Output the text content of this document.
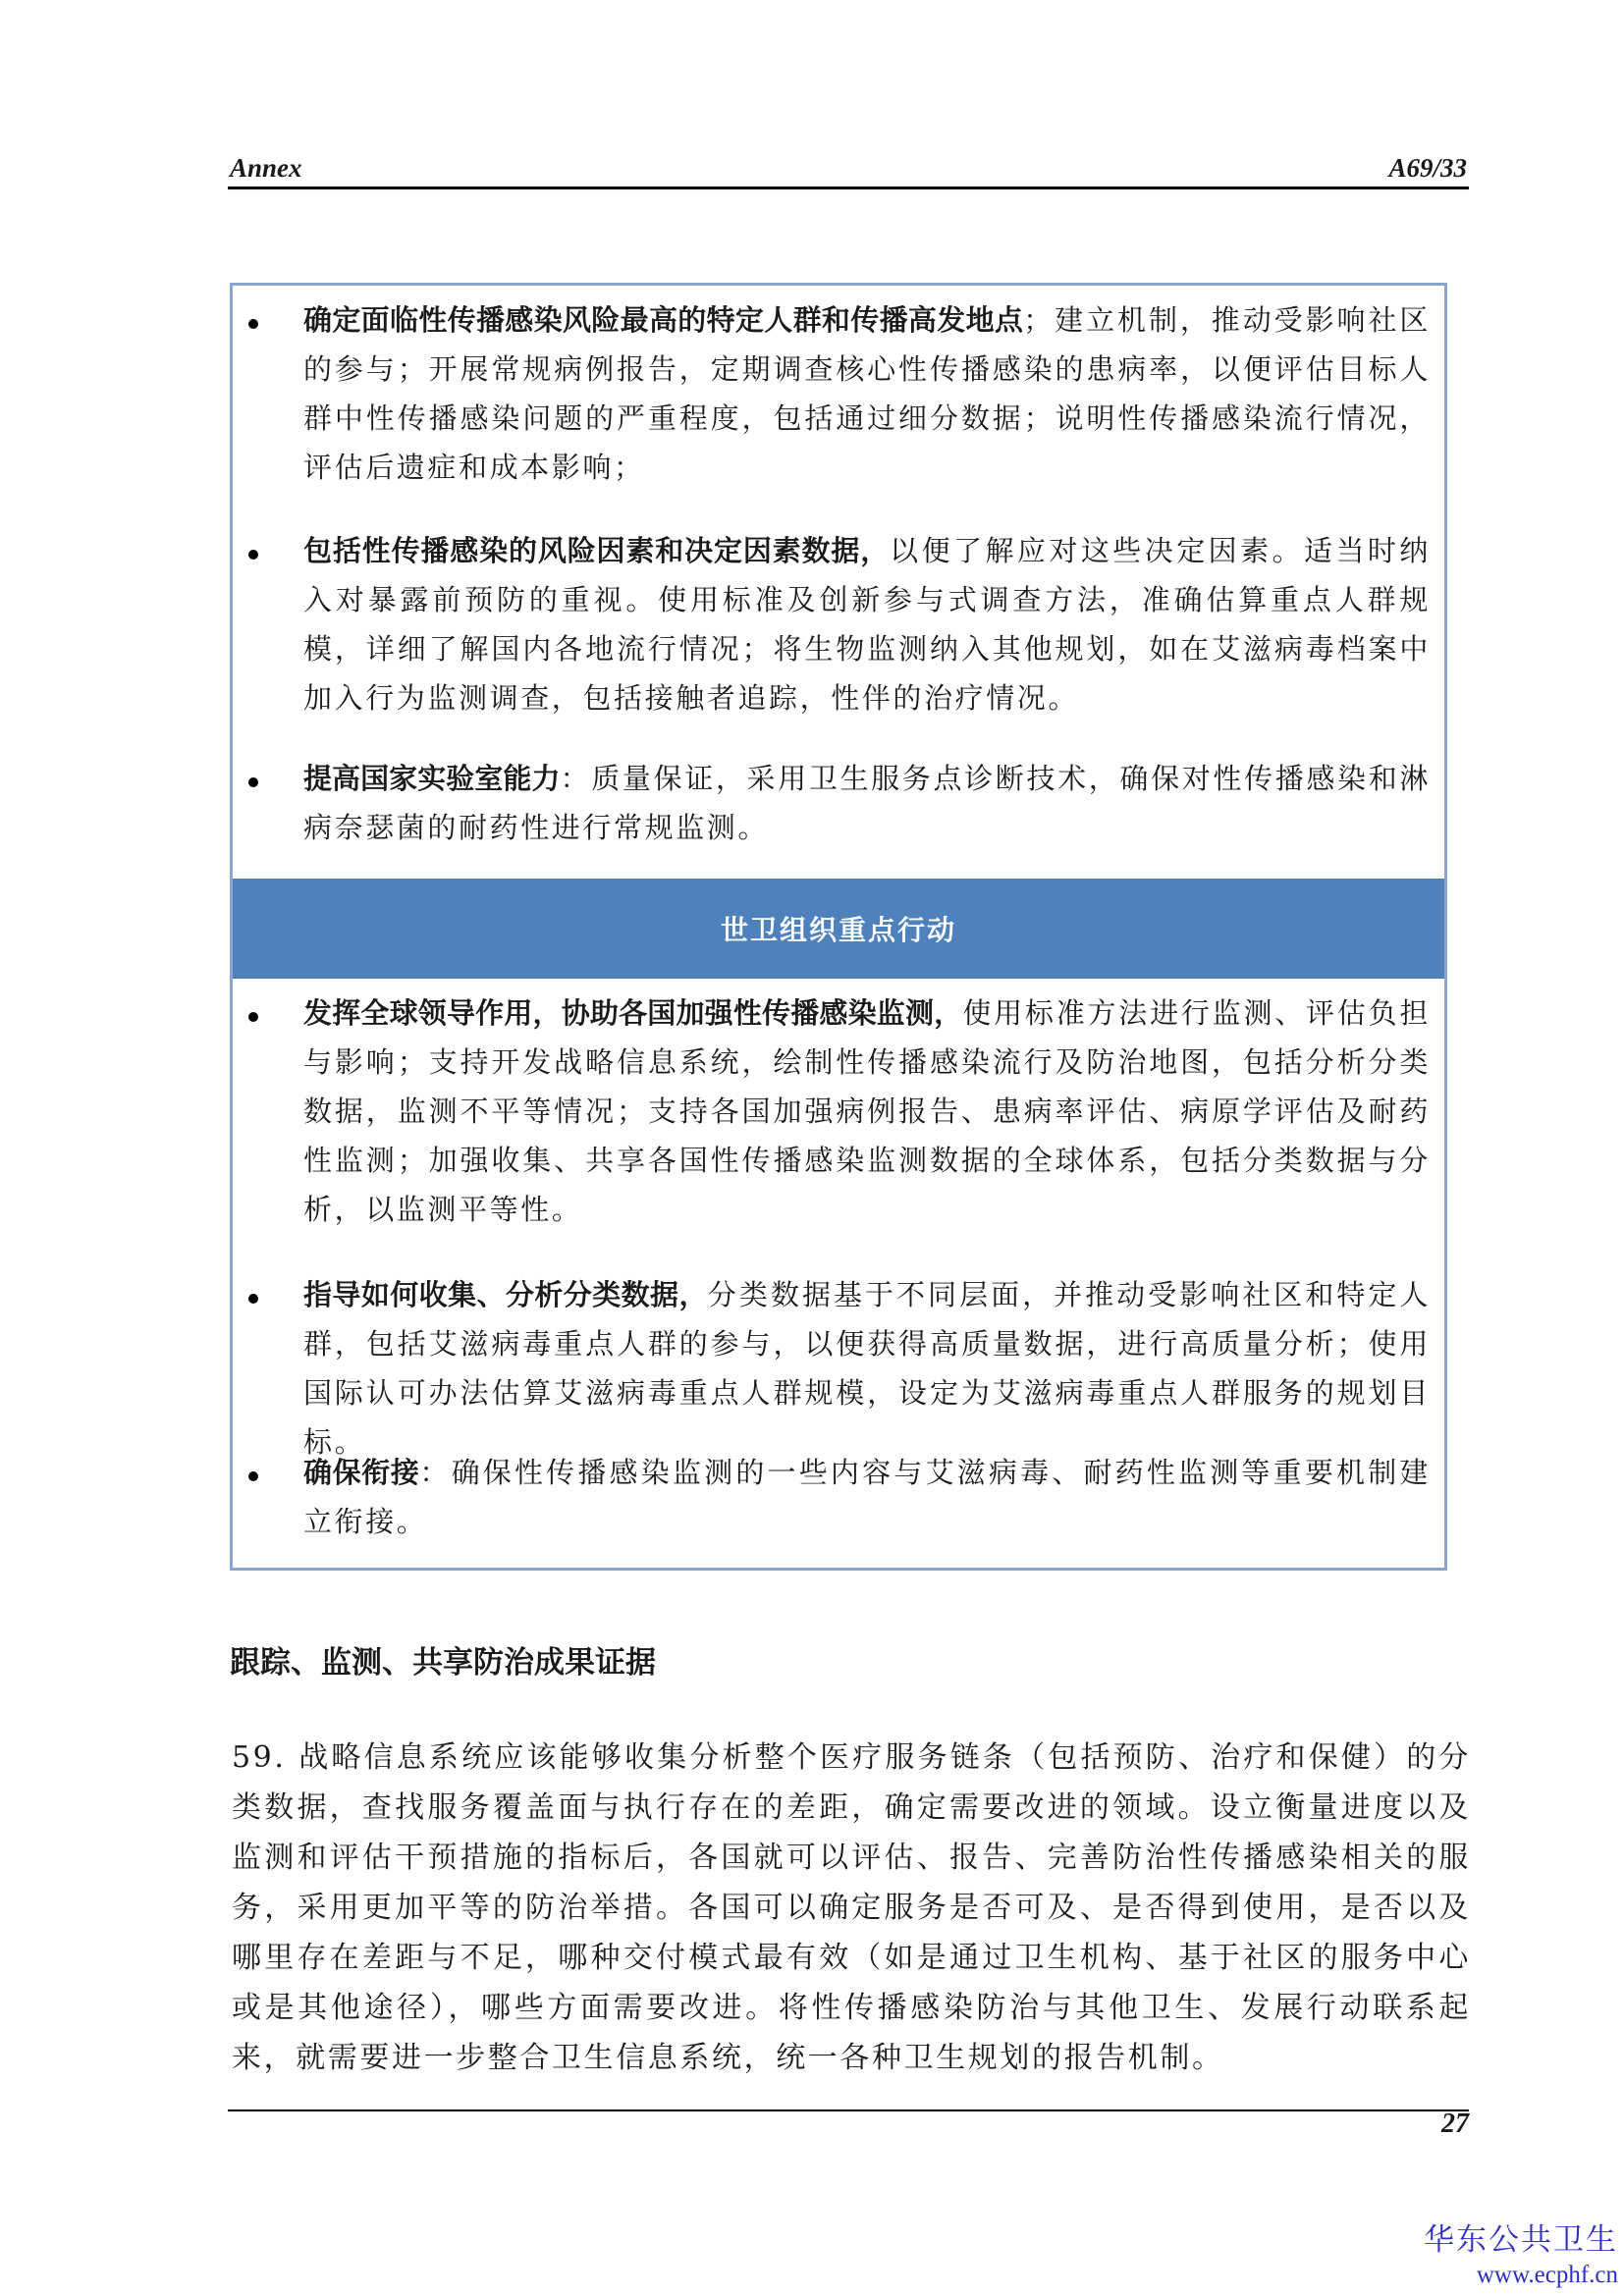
Annex	A69/33
确定面临性传播感染风险最高的特定人群和传播高发地点；建立机制，推动受影响社区的参与；开展常规病例报告，定期调查核心性传播感染的患病率，以便评估目标人群中性传播感染问题的严重程度，包括通过细分数据；说明性传播感染流行情况，评估后遗症和成本影响；
包括性传播感染的风险因素和决定因素数据，以便了解应对这些决定因素。适当时纳入对暴露前预防的重视。使用标准及创新参与式调查方法，准确估算重点人群规模，详细了解国内各地流行情况；将生物监测纳入其他规划，如在艾滋病毒档案中加入行为监测调查，包括接触者追踪，性伴的治疗情况。
提高国家实验室能力：质量保证，采用卫生服务点诊断技术，确保对性传播感染和淋病奈瑟菌的耐药性进行常规监测。
世卫组织重点行动
发挥全球领导作用，协助各国加强性传播感染监测，使用标准方法进行监测、评估负担与影响；支持开发战略信息系统，绘制性传播感染流行及防治地图，包括分析分类数据，监测不平等情况；支持各国加强病例报告、患病率评估、病原学评估及耐药性监测；加强收集、共享各国性传播感染监测数据的全球体系，包括分类数据与分析，以监测平等性。
指导如何收集、分析分类数据，分类数据基于不同层面，并推动受影响社区和特定人群，包括艾滋病毒重点人群的参与，以便获得高质量数据，进行高质量分析；使用国际认可办法估算艾滋病毒重点人群规模，设定为艾滋病毒重点人群服务的规划目标。
确保衔接：确保性传播感染监测的一些内容与艾滋病毒、耐药性监测等重要机制建立衔接。
跟踪、监测、共享防治成果证据
59. 战略信息系统应该能够收集分析整个医疗服务链条（包括预防、治疗和保健）的分类数据，查找服务覆盖面与执行存在的差距，确定需要改进的领域。设立衡量进度以及监测和评估干预措施的指标后，各国就可以评估、报告、完善防治性传播感染相关的服务，采用更加平等的防治举措。各国可以确定服务是否可及、是否得到使用，是否以及哪里存在差距与不足，哪种交付模式最有效（如是通过卫生机构、基于社区的服务中心或是其他途径），哪些方面需要改进。将性传播感染防治与其他卫生、发展行动联系起来，就需要进一步整合卫生信息系统，统一各种卫生规划的报告机制。
27
华东公共卫生
www.ecphf.cn
